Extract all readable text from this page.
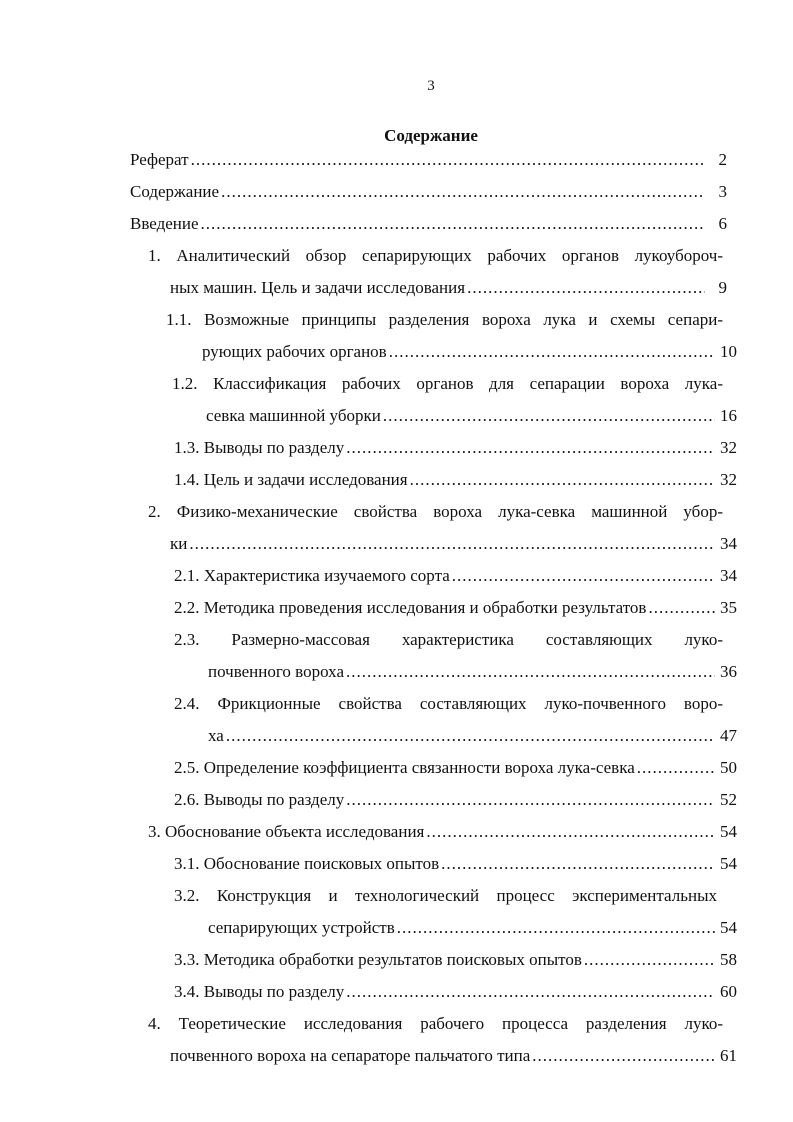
3
Содержание
Реферат .....	2
Содержание .....	3
Введение .....	6
1. Аналитический обзор сепарирующих рабочих органов лукоубороч-
ных машин. Цель и задачи исследования .....	9
1.1. Возможные принципы разделения вороха лука и схемы сепари-
рующих рабочих органов .....	10
1.2. Классификация рабочих органов для сепарации вороха лука-
севка машинной уборки .....	16
1.3. Выводы по разделу .....	32
1.4. Цель и задачи исследования .....	32
2. Физико-механические свойства вороха лука-севка машинной убор-
ки .....	34
2.1. Характеристика изучаемого сорта .....	34
2.2. Методика проведения исследования и обработки результатов .....	35
2.3. Размерно-массовая характеристика составляющих луко-
почвенного вороха .....	36
2.4. Фрикционные свойства составляющих луко-почвенного воро-
ха .....	47
2.5. Определение коэффициента связанности вороха лука-севка .....	50
2.6. Выводы по разделу .....	52
3. Обоснование объекта исследования .....	54
3.1. Обоснование поисковых опытов .....	54
3.2. Конструкция и технологический процесс экспериментальных
сепарирующих устройств .....	54
3.3. Методика обработки результатов поисковых опытов .....	58
3.4. Выводы по разделу .....	60
4. Теоретические исследования рабочего процесса разделения луко-
почвенного вороха на сепараторе пальчатого типа .....	61
